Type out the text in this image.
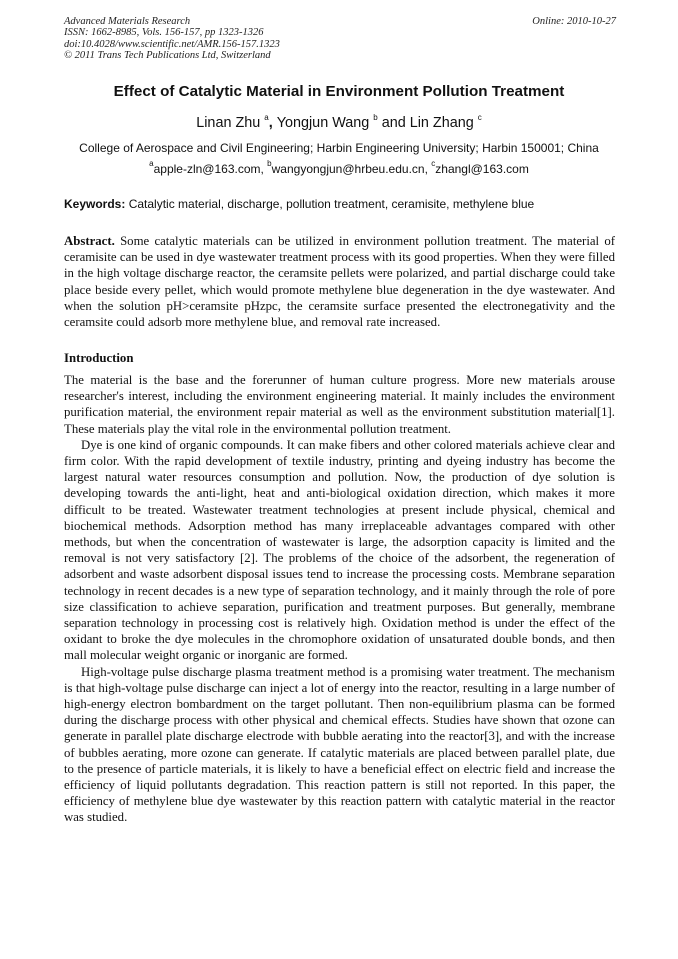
Advanced Materials Research
ISSN: 1662-8985, Vols. 156-157, pp 1323-1326
doi:10.4028/www.scientific.net/AMR.156-157.1323
© 2011 Trans Tech Publications Ltd, Switzerland
Online: 2010-10-27
Effect of Catalytic Material in Environment Pollution Treatment
Linan Zhu $^a$, Yongjun Wang $^b$ and Lin Zhang $^c$
College of Aerospace and Civil Engineering; Harbin Engineering University; Harbin 150001; China
$^a$apple-zln@163.com, $^b$wangyongjun@hrbeu.edu.cn, $^c$zhangl@163.com
Keywords: Catalytic material, discharge, pollution treatment, ceramisite, methylene blue

Abstract. Some catalytic materials can be utilized in environment pollution treatment. The material of ceramisite can be used in dye wastewater treatment process with its good properties. When they were filled in the high voltage discharge reactor, the ceramsite pellets were polarized, and partial discharge could take place beside every pellet, which would promote methylene blue degeneration in the dye wastewater. And when the solution pH>ceramsite pHzpc, the ceramsite surface presented the electronegativity and the ceramsite could adsorb more methylene blue, and removal rate increased.

Introduction

The material is the base and the forerunner of human culture progress. More new materials arouse researcher's interest, including the environment engineering material. It mainly includes the environment purification material, the environment repair material as well as the environment substitution material[1]. These materials play the vital role in the environmental pollution treatment.

Dye is one kind of organic compounds. It can make fibers and other colored materials achieve clear and firm color. With the rapid development of textile industry, printing and dyeing industry has become the largest natural water resources consumption and pollution. Now, the production of dye solution is developing towards the anti-light, heat and anti-biological oxidation direction, which makes it more difficult to be treated. Wastewater treatment technologies at present include physical, chemical and biochemical methods. Adsorption method has many irreplaceable advantages compared with other methods, but when the concentration of wastewater is large, the adsorption capacity is limited and the removal is not very satisfactory [2]. The problems of the choice of the adsorbent, the regeneration of adsorbent and waste adsorbent disposal issues tend to increase the processing costs. Membrane separation technology in recent decades is a new type of separation technology, and it mainly through the role of pore size classification to achieve separation, purification and treatment purposes. But generally, membrane separation technology in processing cost is relatively high. Oxidation method is under the effect of the oxidant to broke the dye molecules in the chromophore oxidation of unsaturated double bonds, and then mall molecular weight organic or inorganic are formed.

High-voltage pulse discharge plasma treatment method is a promising water treatment. The mechanism is that high-voltage pulse discharge can inject a lot of energy into the reactor, resulting in a large number of high-energy electron bombardment on the target pollutant. Then non-equilibrium plasma can be formed during the discharge process with other physical and chemical effects. Studies have shown that ozone can generate in parallel plate discharge electrode with bubble aerating into the reactor[3], and with the increase of bubbles aerating, more ozone can generate. If catalytic materials are placed between parallel plate, due to the presence of particle materials, it is likely to have a beneficial effect on electric field and increase the efficiency of liquid pollutants degradation. This reaction pattern is still not reported. In this paper, the efficiency of methylene blue dye wastewater by this reaction pattern with catalytic material in the reactor was studied.
